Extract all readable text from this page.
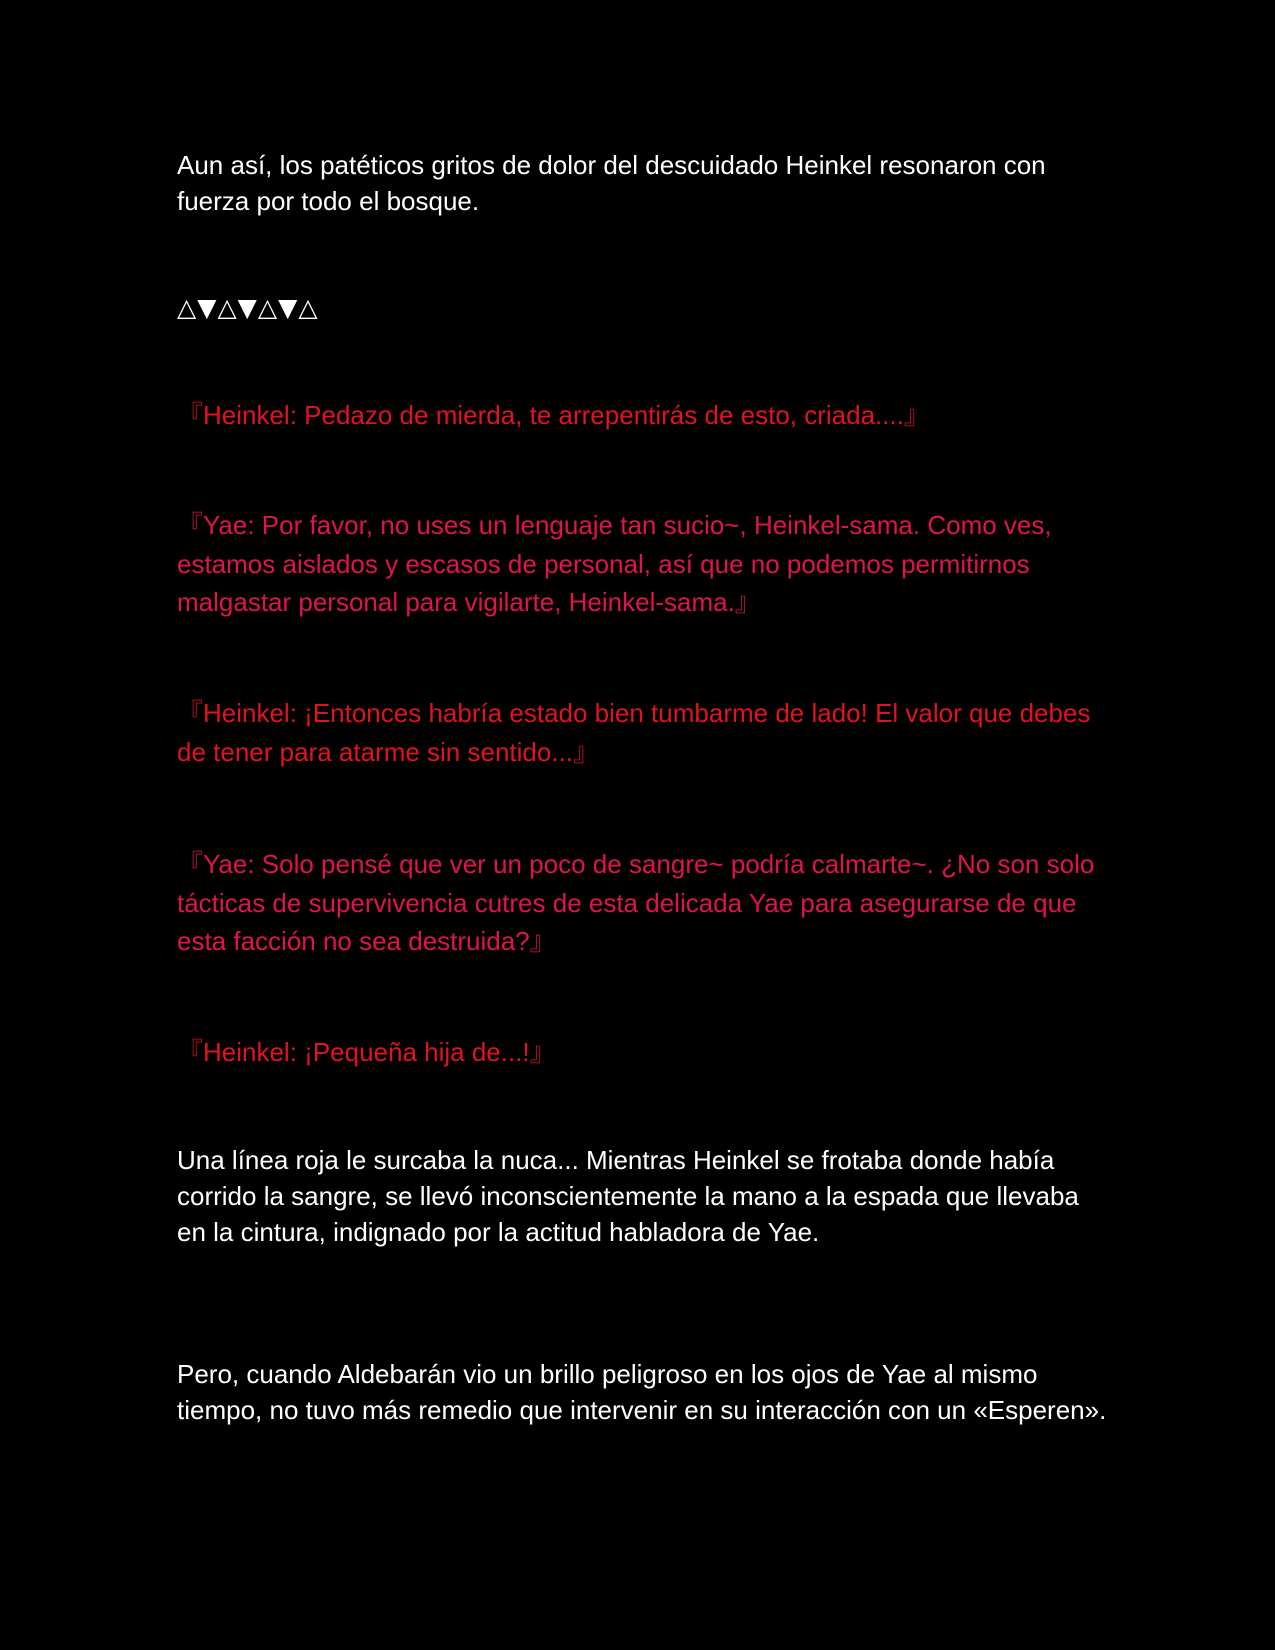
Aun así, los patéticos gritos de dolor del descuidado Heinkel resonaron con fuerza por todo el bosque.

△▼△▼△▼△

『Heinkel: Pedazo de mierda, te arrepentirás de esto, criada....』

『Yae: Por favor, no uses un lenguaje tan sucio~, Heinkel-sama. Como ves, estamos aislados y escasos de personal, así que no podemos permitirnos malgastar personal para vigilarte, Heinkel-sama.』

『Heinkel: ¡Entonces habría estado bien tumbarme de lado! El valor que debes de tener para atarme sin sentido...』

『Yae: Solo pensé que ver un poco de sangre~ podría calmarte~. ¿No son solo tácticas de supervivencia cutres de esta delicada Yae para asegurarse de que esta facción no sea destruida?』

『Heinkel: ¡Pequeña hija de...!』

Una línea roja le surcaba la nuca... Mientras Heinkel se frotaba donde había corrido la sangre, se llevó inconscientemente la mano a la espada que llevaba en la cintura, indignado por la actitud habladora de Yae.

Pero, cuando Aldebarán vio un brillo peligroso en los ojos de Yae al mismo tiempo, no tuvo más remedio que intervenir en su interacción con un «Esperen».
